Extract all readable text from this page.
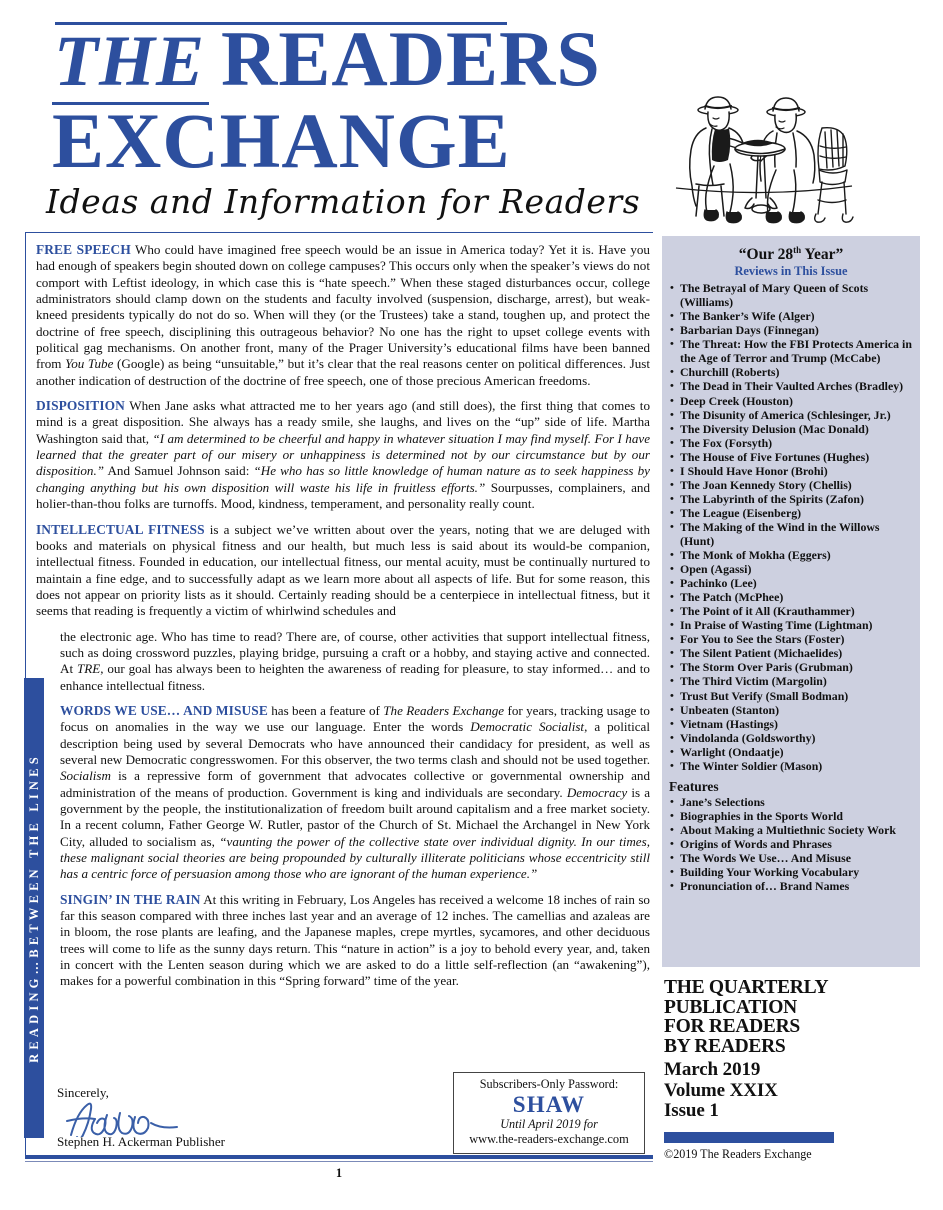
THE READERS
EXCHANGE
Ideas and Information for Readers
READING…BETWEEN THE LINES

FREE SPEECH Who could have imagined free speech would be an issue in America today? Yet it is. Have you had enough of speakers begin shouted down on college campuses? This occurs only when the speaker’s views do not comport with Leftist ideology, in which case this is “hate speech.” When these staged disturbances occur, college administrators should clamp down on the students and faculty involved (suspension, discharge, arrest), but weak-kneed presidents typically do not do so. When will they (or the Trustees) take a stand, toughen up, and protect the doctrine of free speech, disciplining this outrageous behavior? No one has the right to upset college events with political gag mechanisms. On another front, many of the Prager University’s educational films have been banned from You Tube (Google) as being “unsuitable,” but it’s clear that the real reasons center on political differences. Just another indication of destruction of the doctrine of free speech, one of those precious American freedoms.

DISPOSITION When Jane asks what attracted me to her years ago (and still does), the first thing that comes to mind is a great disposition. She always has a ready smile, she laughs, and lives on the “up” side of life. Martha Washington said that, “I am determined to be cheerful and happy in whatever situation I may find myself. For I have learned that the greater part of our misery or unhappiness is determined not by our circumstance but by our disposition.” And Samuel Johnson said: “He who has so little knowledge of human nature as to seek happiness by changing anything but his own disposition will waste his life in fruitless efforts.” Sourpusses, complainers, and holier-than-thou folks are turnoffs. Mood, kindness, temperament, and personality really count.

INTELLECTUAL FITNESS is a subject we’ve written about over the years, noting that we are deluged with books and materials on physical fitness and our health, but much less is said about its would-be companion, intellectual fitness. Founded in education, our intellectual fitness, our mental acuity, must be continually nurtured to maintain a fine edge, and to successfully adapt as we learn more about all aspects of life. But for some reason, this does not appear on priority lists as it should. Certainly reading should be a centerpiece in intellectual fitness, but it seems that reading is frequently a victim of whirlwind schedules and

the electronic age. Who has time to read? There are, of course, other activities that support intellectual fitness, such as doing crossword puzzles, playing bridge, pursuing a craft or a hobby, and staying active and connected. At TRE, our goal has always been to heighten the awareness of reading for pleasure, to stay informed… and to enhance intellectual fitness.

WORDS WE USE… AND MISUSE has been a feature of The Readers Exchange for years, tracking usage to focus on anomalies in the way we use our language. Enter the words Democratic Socialist, a political description being used by several Democrats who have announced their candidacy for president, as well as several new Democratic congresswomen. For this observer, the two terms clash and should not be used together. Socialism is a repressive form of government that advocates collective or governmental ownership and administration of the means of production. Government is king and individuals are secondary. Democracy is a government by the people, the institutionalization of freedom built around capitalism and a free market society. In a recent column, Father George W. Rutler, pastor of the Church of St. Michael the Archangel in New York City, alluded to socialism as, “vaunting the power of the collective state over individual dignity. In our times, these malignant social theories are being propounded by culturally illiterate politicians whose eccentricity still has a centric force of persuasion among those who are ignorant of the human experience.”

SINGIN’ IN THE RAIN At this writing in February, Los Angeles has received a welcome 18 inches of rain so far this season compared with three inches last year and an average of 12 inches. The camellias and azaleas are in bloom, the rose plants are leafing, and the Japanese maples, crepe myrtles, sycamores, and other deciduous trees will come to life as the sunny days return. This “nature in action” is a joy to behold every year, and, taken in concert with the Lenten season during which we are asked to do a little self-reflection (an “awakening”), makes for a powerful combination in this “Spring forward” time of the year.

Sincerely,
Stephen H. Ackerman Publisher
Subscribers-Only Password:
SHAW
Until April 2019 for
www.the-readers-exchange.com
“Our 28th Year”
Reviews in This Issue
• The Betrayal of Mary Queen of Scots (Williams)
• The Banker’s Wife (Alger)
• Barbarian Days (Finnegan)
• The Threat: How the FBI Protects America in the Age of Terror and Trump (McCabe)
• Churchill (Roberts)
• The Dead in Their Vaulted Arches (Bradley)
• Deep Creek (Houston)
• The Disunity of America (Schlesinger, Jr.)
• The Diversity Delusion (Mac Donald)
• The Fox (Forsyth)
• The House of Five Fortunes (Hughes)
• I Should Have Honor (Brohi)
• The Joan Kennedy Story (Chellis)
• The Labyrinth of the Spirits (Zafon)
• The League (Eisenberg)
• The Making of the Wind in the Willows (Hunt)
• The Monk of Mokha (Eggers)
• Open (Agassi)
• Pachinko (Lee)
• The Patch (McPhee)
• The Point of it All (Krauthammer)
• In Praise of Wasting Time (Lightman)
• For You to See the Stars (Foster)
• The Silent Patient (Michaelides)
• The Storm Over Paris (Grubman)
• The Third Victim (Margolin)
• Trust But Verify (Small Bodman)
• Unbeaten (Stanton)
• Vietnam (Hastings)
• Vindolanda (Goldsworthy)
• Warlight (Ondaatje)
• The Winter Soldier (Mason)
Features
• Jane’s Selections
• Biographies in the Sports World
• About Making a Multiethnic Society Work
• Origins of Words and Phrases
• The Words We Use… And Misuse
• Building Your Working Vocabulary
• Pronunciation of… Brand Names
THE QUARTERLY
PUBLICATION
FOR READERS
BY READERS
March 2019
Volume XXIX
Issue 1
©2019 The Readers Exchange
1
